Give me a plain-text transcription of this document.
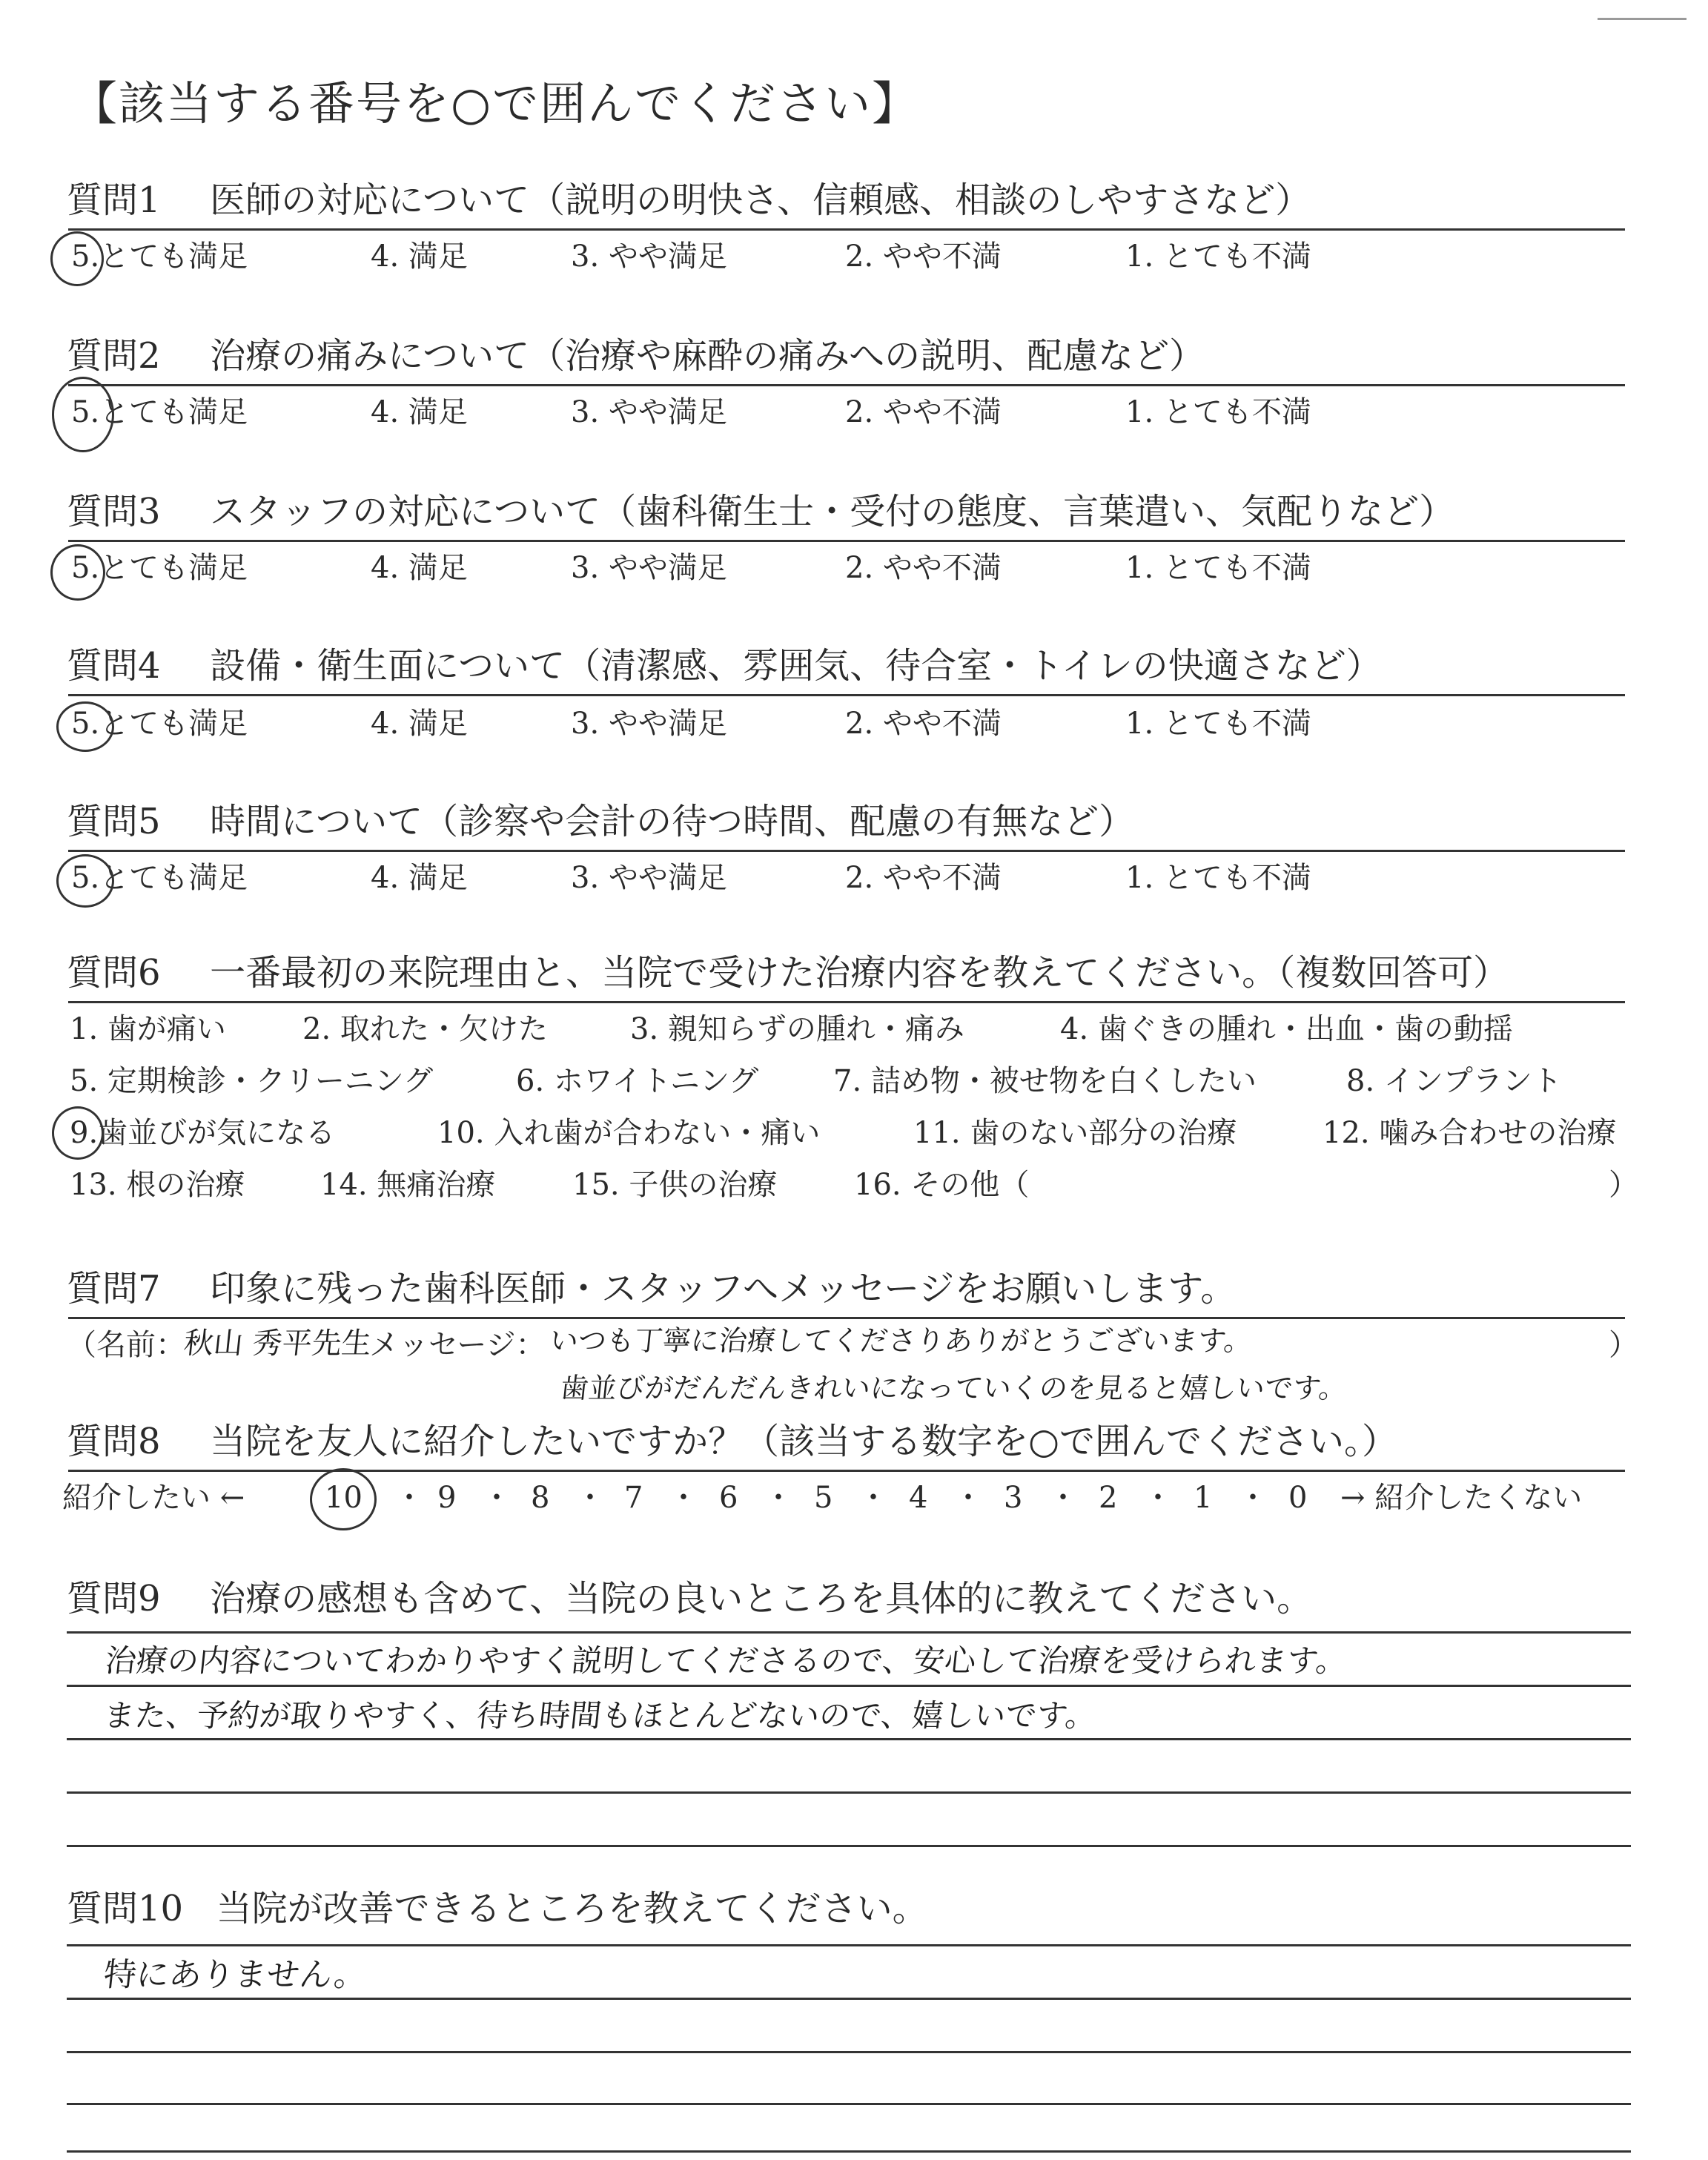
【該当する番号を○で囲んでください】
質問1 医師の対応について（説明の明快さ、信頼感、相談のしやすさなど）
5.とても満足	4. 満足	3. やや満足	2. やや不満	1. とても不満
質問2 治療の痛みについて（治療や麻酔の痛みへの説明、配慮など）
5.とても満足	4. 満足	3. やや満足	2. やや不満	1. とても不満
質問3 スタッフの対応について（歯科衛生士・受付の態度、言葉遣い、気配りなど）
5.とても満足	4. 満足	3. やや満足	2. やや不満	1. とても不満
質問4 設備・衛生面について（清潔感、雰囲気、待合室・トイレの快適さなど）
5.とても満足	4. 満足	3. やや満足	2. やや不満	1. とても不満
質問5 時間について（診察や会計の待つ時間、配慮の有無など）
5.とても満足	4. 満足	3. やや満足	2. やや不満	1. とても不満
質問6 一番最初の来院理由と、当院で受けた治療内容を教えてください。（複数回答可）
1. 歯が痛い	2. 取れた・欠けた	3. 親知らずの腫れ・痛み	4. 歯ぐきの腫れ・出血・歯の動揺
5. 定期検診・クリーニング	6. ホワイトニング	7. 詰め物・被せ物を白くしたい	8. インプラント
9.歯並びが気になる	10. 入れ歯が合わない・痛い	11. 歯のない部分の治療	12. 噛み合わせの治療
13. 根の治療	14. 無痛治療	15. 子供の治療	16. その他（	）
質問7 印象に残った歯科医師・スタッフへメッセージをお願いします。
（名前：
秋山 秀平先生
メッセージ： いつも丁寧に治療してくださりありがとうございます。
歯並びがだんだんきれいになっていくのを見ると嬉しいです。
）
質問8 当院を友人に紹介したいですか？（該当する数字を○で囲んでください。）
紹介したい ←	10 ・ 9 ・ 8 ・ 7 ・ 6 ・ 5 ・ 4 ・ 3 ・ 2 ・ 1 ・ 0 → 紹介したくない
質問9 治療の感想も含めて、当院の良いところを具体的に教えてください。
治療の内容についてわかりやすく説明してくださるので、安心して治療を受けられます。
また、予約が取りやすく、待ち時間もほとんどないので、嬉しいです。
質問10 当院が改善できるところを教えてください。
特にありません。
